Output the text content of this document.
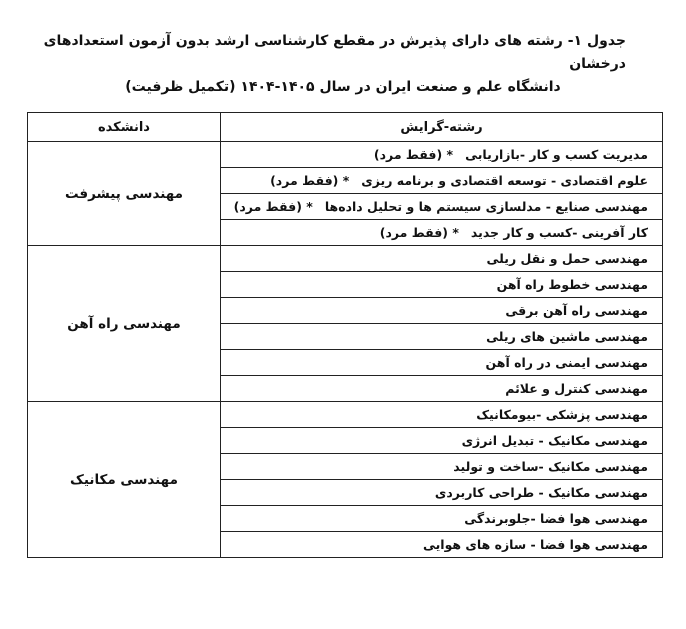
جدول ۱- رشته های دارای پذیرش در مقطع کارشناسی ارشد بدون آزمون استعدادهای درخشان
دانشگاه علم و صنعت ایران در سال ۱۴۰۵-۱۴۰۴ (تکمیل ظرفیت)
رشته-گرایش	دانشکده
مدیریت کسب و کار -بازاریابی* (فقط مرد)	مهندسی پیشرفت
علوم اقتصادی - توسعه اقتصادی و برنامه ریزی* (فقط مرد)	
مهندسی صنایع - مدلسازی سیستم ها و تحلیل داده‌ها* (فقط مرد)	
کار آفرینی -کسب و کار جدید* (فقط مرد)	
مهندسی حمل و نقل ریلی	مهندسی راه آهن
مهندسی خطوط راه آهن	
مهندسی راه آهن برقی	
مهندسی ماشین های ریلی	
مهندسی ایمنی در راه آهن	
مهندسی کنترل و علائم	
مهندسی پزشکی -بیومکانیک	مهندسی مکانیک
مهندسی مکانیک - تبدیل انرژی	
مهندسی مکانیک -ساخت و تولید	
مهندسی مکانیک - طراحی کاربردی	
مهندسی هوا فضا -جلوبرندگی	
مهندسی هوا فضا - سازه های هوایی	
